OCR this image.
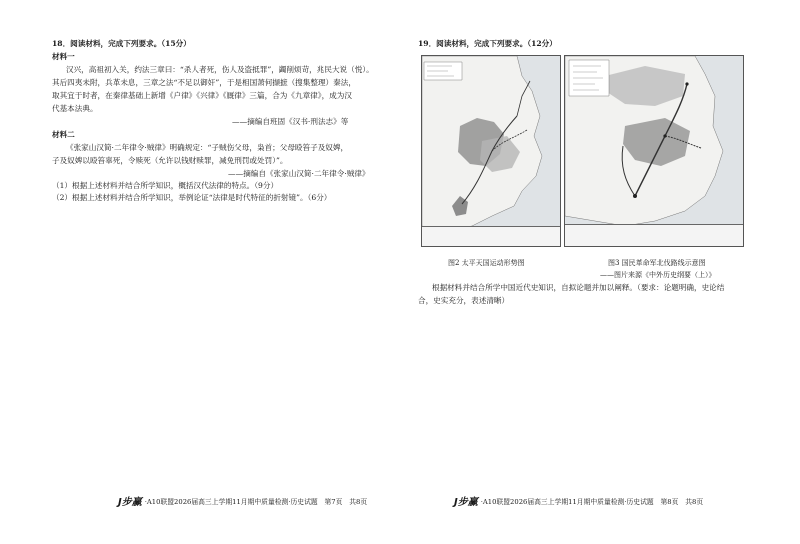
18．阅读材料，完成下列要求。（15分）
材料一
汉兴，高祖初入关，约法三章曰：“杀人者死，伤人及盗抵罪”，蠲削烦苛，兆民大说（悦）。
其后四夷未附，兵革未息，三章之法“不足以御奸”，于是相国萧何撷摭（搜集整理）秦法，
取其宜于时者，在秦律基础上新增《户律》《兴律》《厩律》三篇，合为《九章律》，成为汉
代基本法典。
——摘编自班固《汉书·刑法志》等
材料二
《张家山汉简·二年律令·贼律》明确规定：“子贼伤父母，枭首；父母殴笞子及奴婢，
子及奴婢以殴笞辜死，令赎死（允许以钱财赎罪，减免刑罚或处罚）”。
——摘编自《张家山汉简·二年律令·贼律》
（1）根据上述材料并结合所学知识，概括汉代法律的特点。（9分）
（2）根据上述材料并结合所学知识，举例论证“法律是时代特征的折射镜”。（6分）
J步赢 ·A10联盟2026届高三上学期11月期中质量检测·历史试题　第7页　共8页
19．阅读材料，完成下列要求。（12分）
图2 太平天国运动形势图	图3 国民革命军北伐路线示意图
——图片来源《中外历史纲要（上）》
根据材料并结合所学中国近代史知识，自拟论题并加以阐释。（要求：论题明确，史论结
合，史实充分，表述清晰）
J步赢 ·A10联盟2026届高三上学期11月期中质量检测·历史试题　第8页　共8页
